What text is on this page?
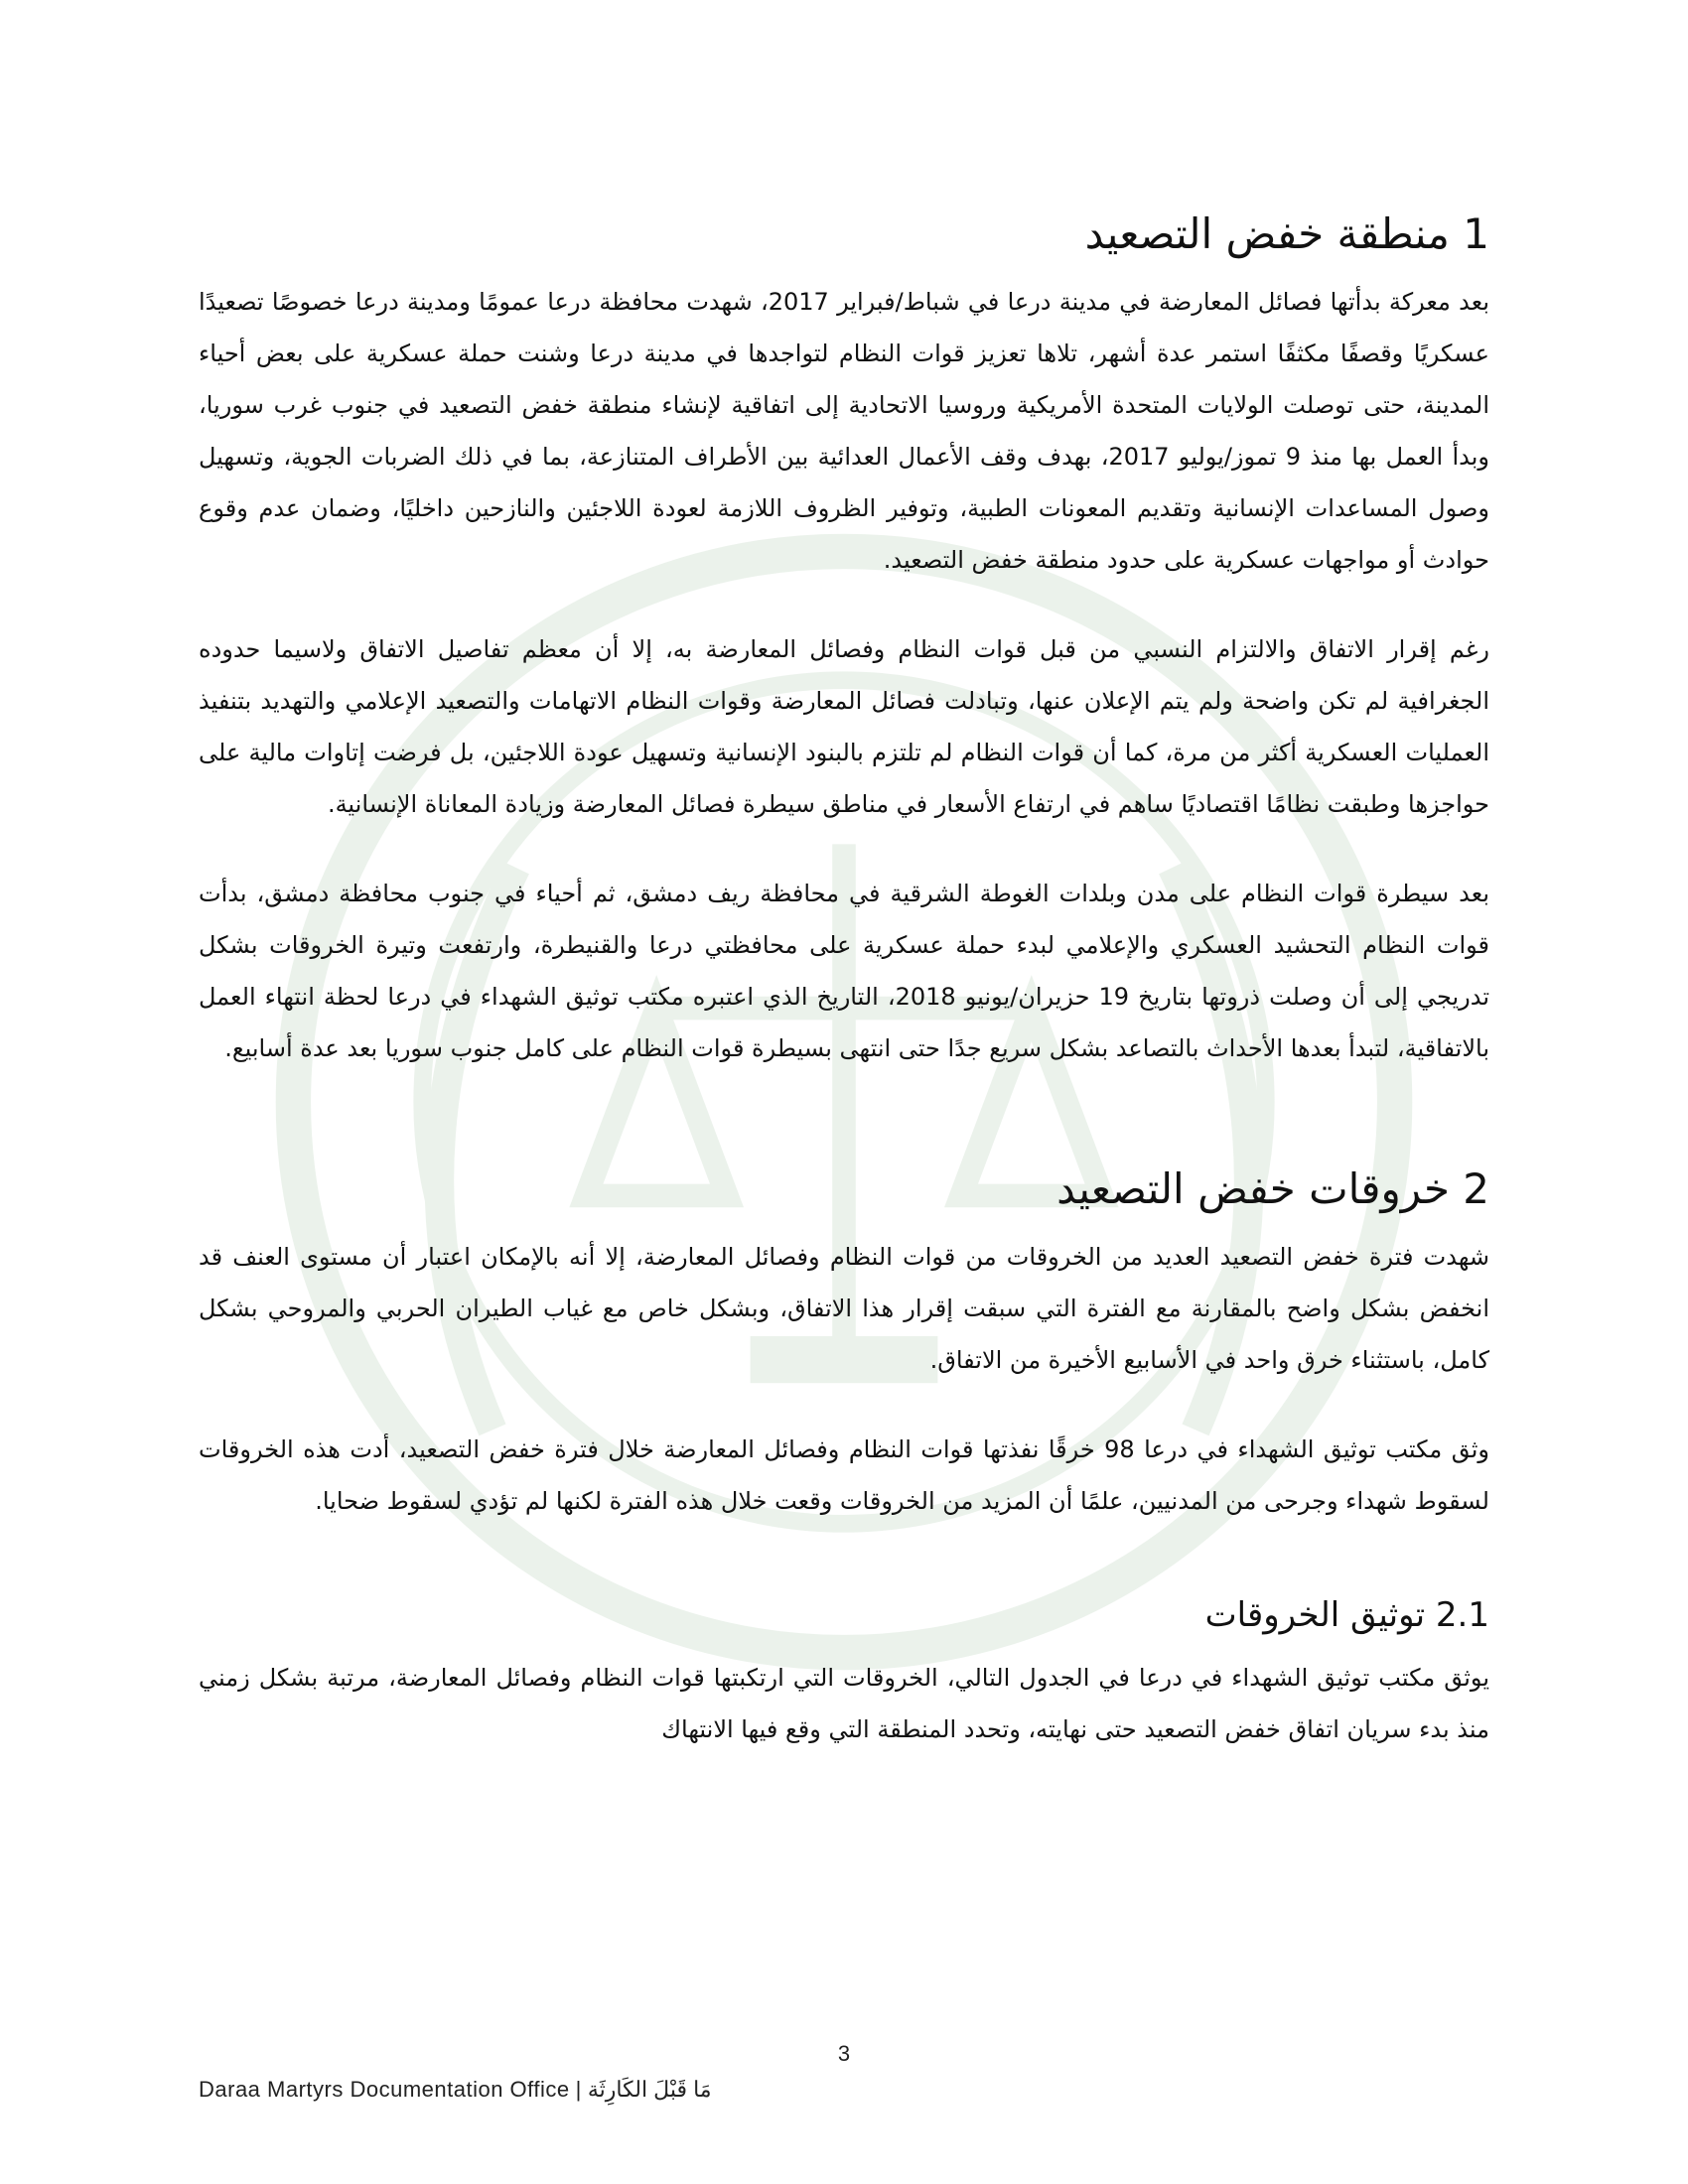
1 منطقة خفض التصعيد

بعد معركة بدأتها فصائل المعارضة في مدينة درعا في شباط/فبراير 2017، شهدت محافظة درعا عمومًا ومدينة درعا خصوصًا تصعيدًا عسكريًا وقصفًا مكثفًا استمر عدة أشهر، تلاها تعزيز قوات النظام لتواجدها في مدينة درعا وشنت حملة عسكرية على بعض أحياء المدينة، حتى توصلت الولايات المتحدة الأمريكية وروسيا الاتحادية إلى اتفاقية لإنشاء منطقة خفض التصعيد في جنوب غرب سوريا، وبدأ العمل بها منذ 9 تموز/يوليو 2017، بهدف وقف الأعمال العدائية بين الأطراف المتنازعة، بما في ذلك الضربات الجوية، وتسهيل وصول المساعدات الإنسانية وتقديم المعونات الطبية، وتوفير الظروف اللازمة لعودة اللاجئين والنازحين داخليًا، وضمان عدم وقوع حوادث أو مواجهات عسكرية على حدود منطقة خفض التصعيد.

رغم إقرار الاتفاق والالتزام النسبي من قبل قوات النظام وفصائل المعارضة به، إلا أن معظم تفاصيل الاتفاق ولاسيما حدوده الجغرافية لم تكن واضحة ولم يتم الإعلان عنها، وتبادلت فصائل المعارضة وقوات النظام الاتهامات والتصعيد الإعلامي والتهديد بتنفيذ العمليات العسكرية أكثر من مرة، كما أن قوات النظام لم تلتزم بالبنود الإنسانية وتسهيل عودة اللاجئين، بل فرضت إتاوات مالية على حواجزها وطبقت نظامًا اقتصاديًا ساهم في ارتفاع الأسعار في مناطق سيطرة فصائل المعارضة وزيادة المعاناة الإنسانية.

بعد سيطرة قوات النظام على مدن وبلدات الغوطة الشرقية في محافظة ريف دمشق، ثم أحياء في جنوب محافظة دمشق، بدأت قوات النظام التحشيد العسكري والإعلامي لبدء حملة عسكرية على محافظتي درعا والقنيطرة، وارتفعت وتيرة الخروقات بشكل تدريجي إلى أن وصلت ذروتها بتاريخ 19 حزيران/يونيو 2018، التاريخ الذي اعتبره مكتب توثيق الشهداء في درعا لحظة انتهاء العمل بالاتفاقية، لتبدأ بعدها الأحداث بالتصاعد بشكل سريع جدًا حتى انتهى بسيطرة قوات النظام على كامل جنوب سوريا بعد عدة أسابيع.

2 خروقات خفض التصعيد

شهدت فترة خفض التصعيد العديد من الخروقات من قوات النظام وفصائل المعارضة، إلا أنه بالإمكان اعتبار أن مستوى العنف قد انخفض بشكل واضح بالمقارنة مع الفترة التي سبقت إقرار هذا الاتفاق، وبشكل خاص مع غياب الطيران الحربي والمروحي بشكل كامل، باستثناء خرق واحد في الأسابيع الأخيرة من الاتفاق.

وثق مكتب توثيق الشهداء في درعا 98 خرقًا نفذتها قوات النظام وفصائل المعارضة خلال فترة خفض التصعيد، أدت هذه الخروقات لسقوط شهداء وجرحى من المدنيين، علمًا أن المزيد من الخروقات وقعت خلال هذه الفترة لكنها لم تؤدي لسقوط ضحايا.

2.1 توثيق الخروقات

يوثق مكتب توثيق الشهداء في درعا في الجدول التالي، الخروقات التي ارتكبتها قوات النظام وفصائل المعارضة، مرتبة بشكل زمني منذ بدء سريان اتفاق خفض التصعيد حتى نهايته، وتحدد المنطقة التي وقع فيها الانتهاك

3
Daraa Martyrs Documentation Office | مَا قَبْلَ الكَارِثَة
